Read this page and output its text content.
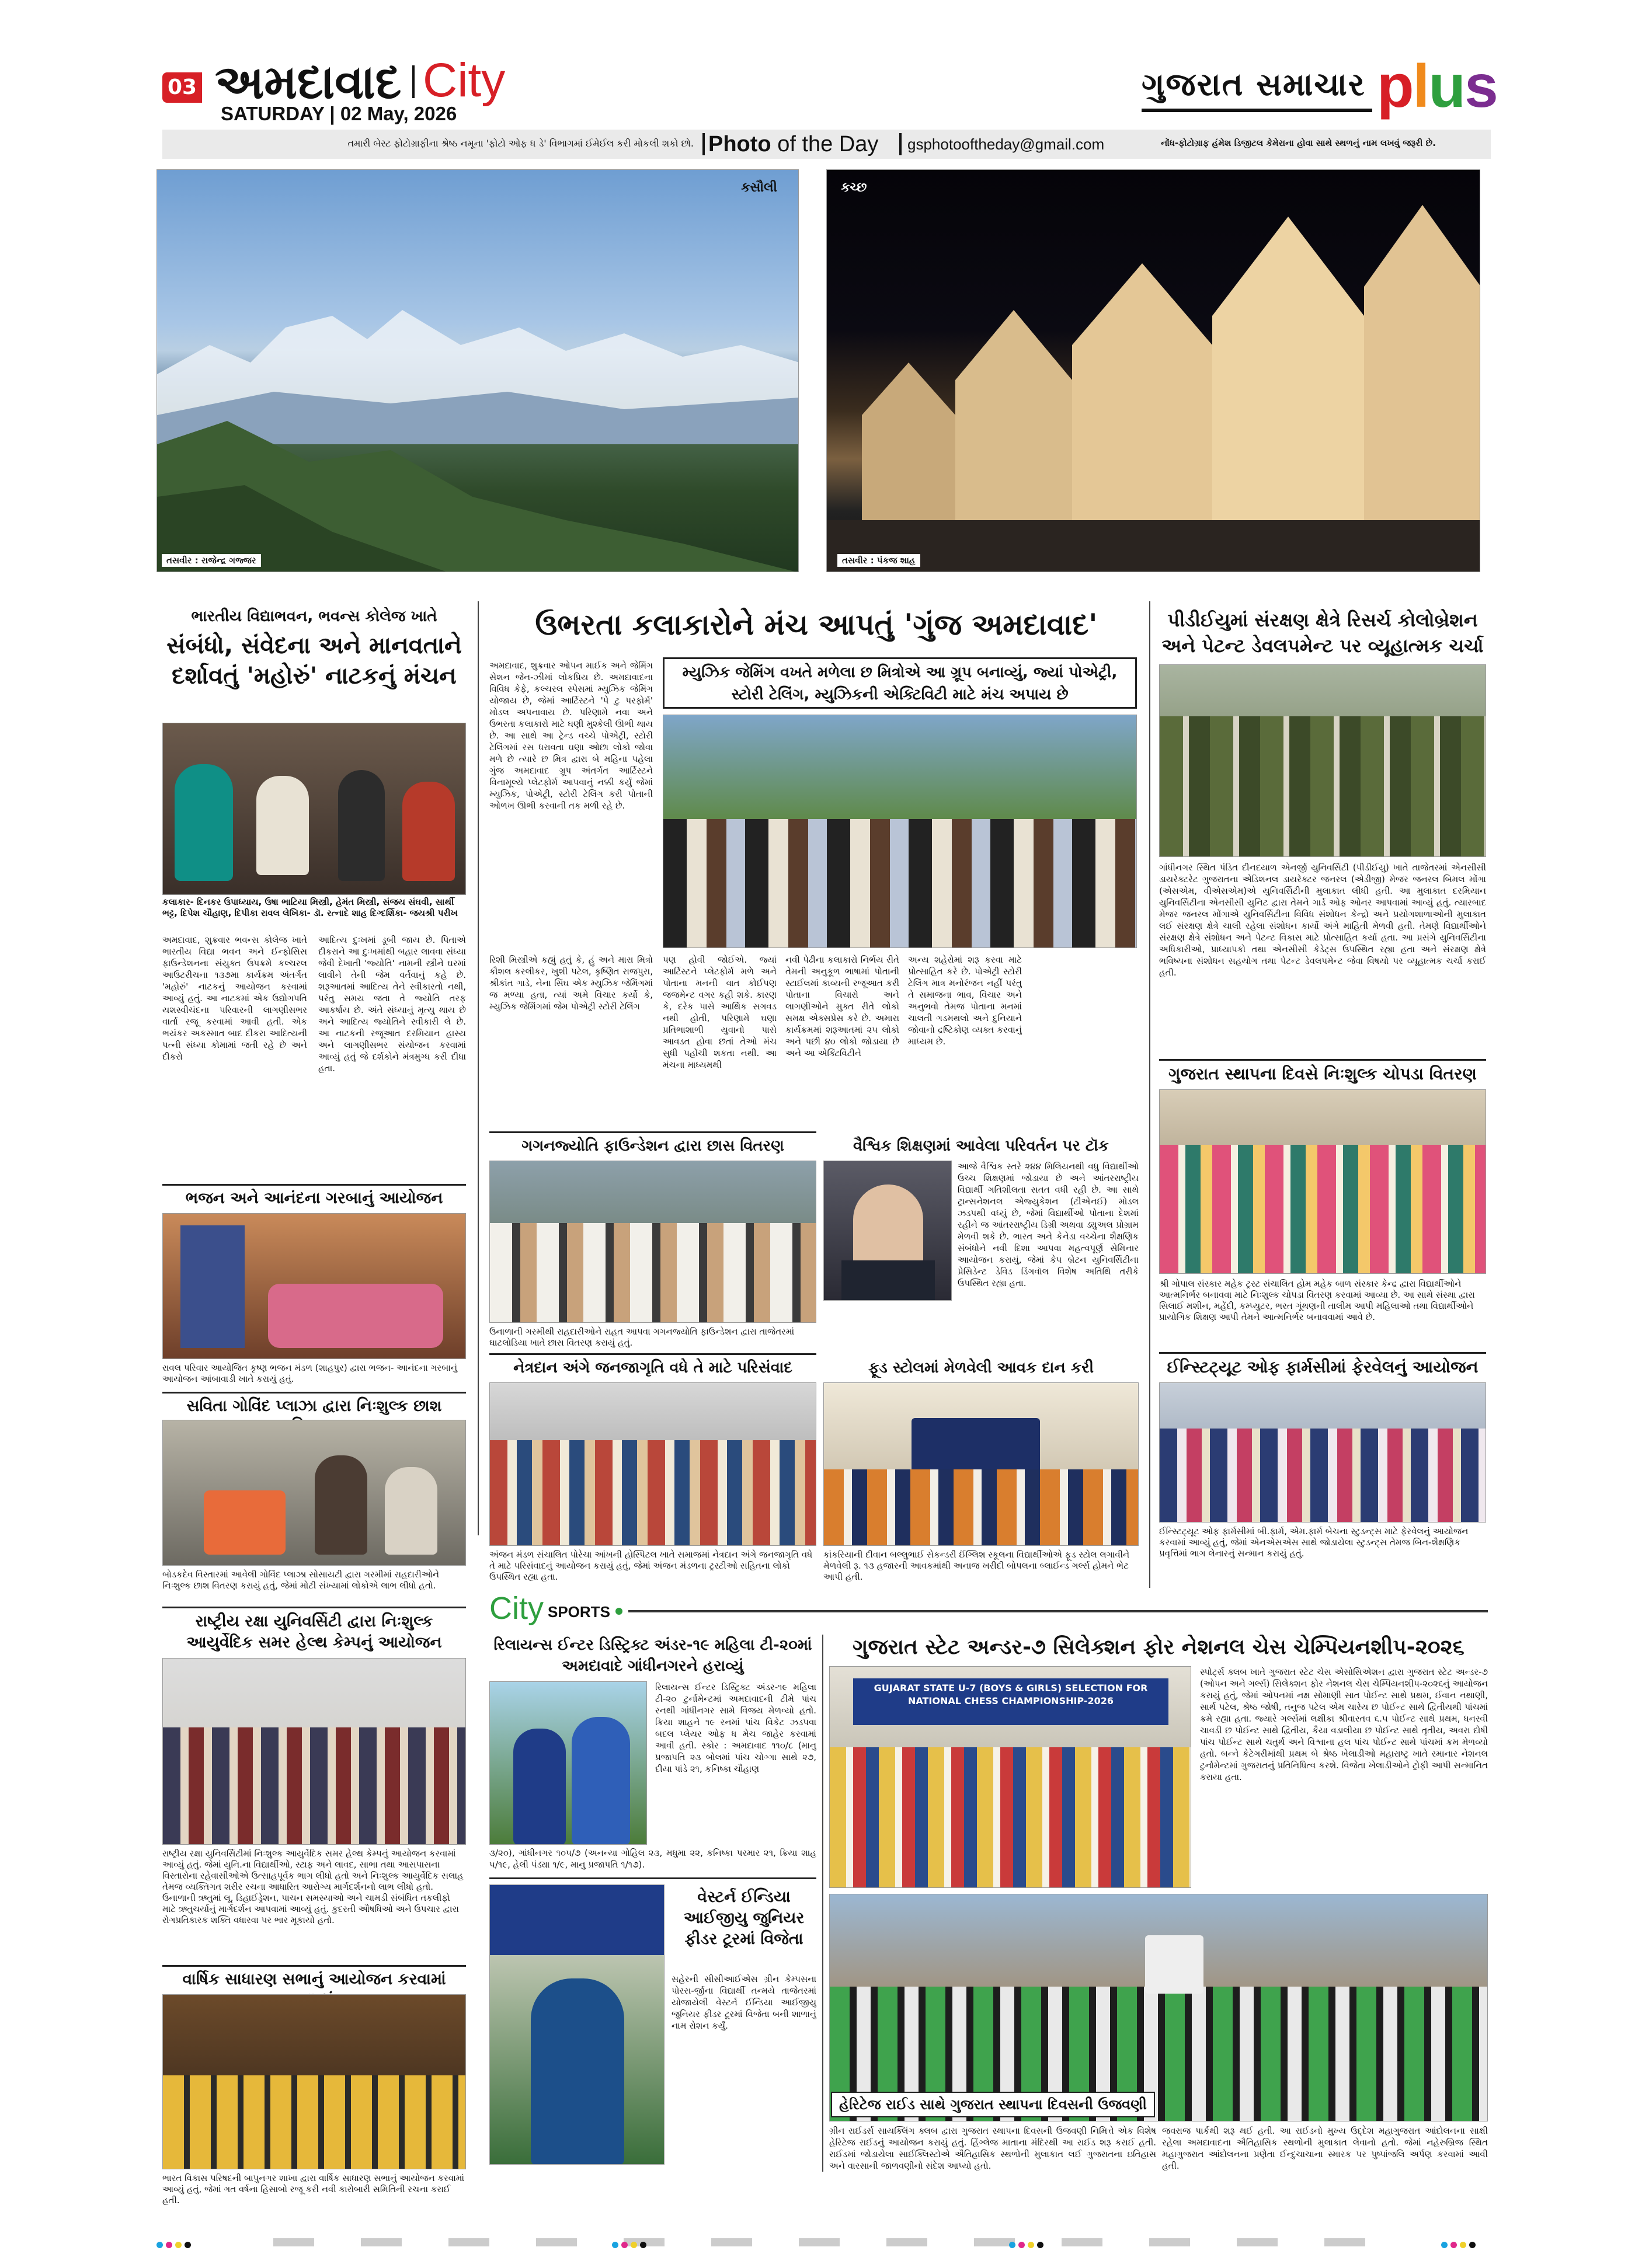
03 અમદાવાદ City
SATURDAY | 02 May, 2026
ગુજરાત સમાચાર plus
તમારી બેસ્ટ ફોટોગ્રાફીના શ્રેષ્ઠ નમૂના 'ફોટો ઓફ ધ ડે' વિભાગમાં ઈમેઈલ કરી મોકલી શકો છો. Photo of the Day gsphotooftheday@gmail.com	નોંધ-ફોટોગ્રાફ હંમેશ ડિજીટલ કેમેરાના હોવા સાથે સ્થળનું નામ લખવું જરૂરી છે.
કસૌલી
તસવીર : રાજેન્દ્ર ગજ્જર
કચ્છ
તસવીર : પંકજ શાહ
ભારતીય વિદ્યાભવન, ભવન્સ કોલેજ ખાતે
સંબંધો, સંવેદના અને માનવતાને દર્શાવતું 'મહોરું' નાટકનું મંચન
કલાકાર- દિનકર ઉપાધ્યાય, ઉષા ભાટિયા મિસ્ત્રી, હેમંત મિસ્ત્રી, સંજય સંઘવી, સાર્થી ભટ્ટ, દિપેશ ચૌહાણ, દિપીકા રાવલ લેખિકા- ડૉ. રત્નાદે શાહ દિગ્દર્શિકા- જયશ્રી પરીખ
અમદાવાદ, શુક્રવાર ભવન્સ કોલેજ ખાતે ભારતીય વિદ્યા ભવન અને ઈન્ફોસિસ ફાઉન્ડેશનના સંયુક્ત ઉપક્રમે કલ્ચરલ આઉટરીચના ૧૩૭મા કાર્યક્રમ અંતર્ગત 'મહોરું' નાટકનું આયોજન કરવામાં આવ્યું હતું. આ નાટકમાં એક ઉદ્યોગપતિ યશસ્વીચંદના પરિવારની લાગણીસભર વાર્તા રજૂ કરવામાં આવી હતી. એક ભયંકર અકસ્માત બાદ દીકરા આદિત્યની પત્ની સંધ્યા કોમામાં જતી રહે છે અને દીકરો
આદિત્ય દુઃખમાં ડૂબી જાય છે. પિતાએ દીકરાને આ દુઃખમાંથી બહાર લાવવા સંધ્યા જેવી દેખાતી 'જ્યોતિ' નામની સ્ત્રીને ઘરમાં લાવીને તેની જેમ વર્તવાનું કહે છે. શરૂઆતમાં આદિત્ય તેને સ્વીકારતો નથી, પરંતુ સમય જતા તે જ્યોતિ તરફ આકર્ષાય છે. અંતે સંધ્યાનું મૃત્યુ થાય છે અને આદિત્ય જ્યોતિને સ્વીકારી લે છે. આ નાટકની રજૂઆત દરમિયાન હાસ્ય અને લાગણીસભર સંયોજન કરવામાં આવ્યું હતું જે દર્શકોને મંત્રમુગ્ધ કરી દીધા હતા.
ભજન અને આનંદના ગરબાનું આયોજન
રાવલ પરિવાર આયોજિત કૃષ્ણ ભજન મંડળ (શાહપુર) દ્વારા ભજન- આનંદના ગરબાનું આયોજન આંબાવાડી ખાતે કરાયું હતું.
સવિતા ગોવિંદ પ્લાઝા દ્વારા નિઃશુલ્ક છાશ
બોડકદેવ વિસ્તારમાં આવેલી ગોવિંદ પ્લાઝા સોસાયટી દ્વારા ગરમીમાં રાહદારીઓને નિઃશુલ્ક છાશ વિતરણ કરાયું હતું, જેમાં મોટી સંખ્યામાં લોકોએ લાભ લીધો હતો.
રાષ્ટ્રીય રક્ષા યુનિવર્સિટી દ્વારા નિઃશુલ્ક આયુર્વેદિક સમર હેલ્થ કેમ્પનું આયોજન
રાષ્ટ્રીય રક્ષા યુનિવર્સિટીમાં નિઃશુલ્ક આયુર્વેદિક સમર હેલ્થ કેમ્પનું આયોજન કરવામાં આવ્યું હતું. જેમાં યુનિ.ના વિદ્યાર્થીઓ, સ્ટાફ અને લાવદ, સાભા તથા આસપાસના વિસ્તારોના રહેવાસીઓએ ઉત્સાહપૂર્વક ભાગ લીધો હતો અને નિઃશુલ્ક આયુર્વેદિક સલાહ તેમજ વ્યક્તિગત શરીર રચના આધારિત આરોગ્ય માર્ગદર્શનનો લાભ લીધો હતો. ઉનાળાની ઋતુમાં લૂ, ડિહાઈડ્રેશન, પાચન સમસ્યાઓ અને ચામડી સંબંધિત તકલીફો માટે ઋતુચર્યાનું માર્ગદર્શન આપવામાં આવ્યું હતું. કુદરતી ઔષધિઓ અને ઉપચાર દ્વારા રોગપ્રતિકારક શક્તિ વધારવા પર ભાર મૂકાયો હતો.
વાર્ષિક સાધારણ સભાનું આયોજન કરવામાં
ભારત વિકાસ પરિષદની બાપુનગર શાખા દ્વારા વાર્ષિક સાધારણ સભાનું આયોજન કરવામાં આવ્યું હતું, જેમાં ગત વર્ષના હિસાબો રજૂ કરી નવી કારોબારી સમિતિની રચના કરાઈ હતી.
ઉભરતા કલાકારોને મંચ આપતું 'ગુંજ અમદાવાદ'
અમદાવાદ, શુક્રવાર ઓપન માઈક અને જેમિંગ સેશન જેન-ઝીમાં લોકપ્રિય છે. અમદાવાદના વિવિધ કેફે, કલ્ચરલ સ્પેસમાં મ્યુઝિક જેમિંગ યોજાય છે, જેમાં આર્ટિસ્ટને 'પે ટુ પરફોર્મ' મોડલ અપનાવાય છે. પરિણામે નવા અને ઉભરતા કલાકારો માટે ઘણી મુશ્કેલી ઊભી થાય છે. આ સાથે આ ટ્રેન્ડ વચ્ચે પોએટ્રી, સ્ટોરી ટેલિંગમાં રસ ધરાવતા ઘણા ઓછા લોકો જોવા મળે છે ત્યારે છ મિત્ર દ્વારા બે મહિના પહેલા ગુંજ અમદાવાદ ગ્રૂપ અંતર્ગત આર્ટિસ્ટને વિનામૂલ્યે પ્લેટફોર્મ આપવાનું નક્કી કર્યું જેમાં મ્યુઝિક, પોએટ્રી, સ્ટોરી ટેલિંગ કરી પોતાની ઓળખ ઊભી કરવાની તક મળી રહે છે.
મ્યુઝિક જેમિંગ વખતે મળેલા છ મિત્રોએ આ ગ્રૂપ બનાવ્યું, જ્યાં પોએટ્રી, સ્ટોરી ટેલિંગ, મ્યુઝિકની એક્ટિવિટી માટે મંચ અપાય છે
પણ હોવી જોઈએ. જ્યાં આર્ટિસ્ટને પ્લેટફોર્મ મળે અને પોતાના મનની વાત કોઈપણ જજમેન્ટ વગર કહી શકે. કારણ કે, દરેક પાસે આર્થિક સગવડ નથી હોતી, પરિણામે ઘણા પ્રતિભાશાળી યુવાનો પાસે આવડત હોવા છતાં તેઓ મંચ સુધી પહોંચી શકતા નથી. આ મંચના માધ્યમથી
રિશી મિસ્ત્રીએ કહ્યું હતું કે, હું અને મારા મિત્રો કૌશલ કરલીકર, ખુશી પટેલ, કૃષ્ણિત રાજપુરા, શ્રીકાંત ગાડે, નેના સિંઘ એક મ્યુઝિક જેમિંગમાં જ મળ્યા હતા, ત્યાં અમે વિચાર કર્યો કે, મ્યુઝિક જેમિંગમાં જેમ પોએટ્રી સ્ટોરી ટેલિંગ
નવી પેઢીના કલાકારો નિર્ભય રીતે તેમની અનુકૂળ ભાષામાં પોતાની સ્ટાઈલમાં કાવ્યની રજૂઆત કરી પોતાના વિચારો અને લાગણીઓને મુક્ત રીતે લોકો સમક્ષ એક્સપ્રેસ કરે છે. અમારા કાર્યક્રમમાં શરૂઆતમાં ૨૫ લોકો અને પછી ૪૦ લોકો જોડાયા છે અને આ એક્ટિવિટીને
અન્ય શહેરોમાં શરૂ કરવા માટે પ્રોત્સાહિત કરે છે. પોએટ્રી સ્ટોરી ટેલિંગ માત્ર મનોરંજન નહીં પરંતુ તે સમાજના ભાવ, વિચાર અને અનુભવો તેમજ પોતાના મનમાં ચાલતી ગડમથલો અને દુનિયાને જોવાનો દ્રષ્ટિકોણ વ્યક્ત કરવાનું માધ્યમ છે.
ગગનજ્યોતિ ફાઉન્ડેશન દ્વારા છાસ વિતરણ
ઉનાળાની ગરમીથી રાહદારીઓને રાહત આપવા ગગનજ્યોતિ ફાઉન્ડેશન દ્વારા તાજેતરમાં ઘાટલોડિયા ખાતે છાસ વિતરણ કરાયું હતું.
વૈશ્વિક શિક્ષણમાં આવેલા પરિવર્તન પર ટૉક
આજે વૈશ્વિક સ્તરે ૨૪૪ મિલિયનથી વધુ વિદ્યાર્થીઓ ઉચ્ચ શિક્ષણમાં જોડાયા છે અને આંતરરાષ્ટ્રીય વિદ્યાર્થી ગતિશીલતા સતત વધી રહી છે. આ સાથે ટ્રાન્સનેશનલ એજ્યુકેશન (ટીએનઈ) મોડલ ઝડપથી વધ્યું છે, જેમાં વિદ્યાર્થીઓ પોતાના દેશમાં રહીને જ આંતરરાષ્ટ્રીય ડિગ્રી અથવા ડ્યુઅલ પ્રોગ્રામ મેળવી શકે છે. ભારત અને કેનેડા વચ્ચેના શૈક્ષણિક સંબંધોને નવી દિશા આપવા મહત્વપૂર્ણ સેમિનાર આયોજન કરાયું, જેમાં કેપ બ્રેટન યુનિવર્સિટીના પ્રેસિડેન્ટ ડેવિડ ડિંગવૉલ વિશેષ અતિથિ તરીકે ઉપસ્થિત રહ્યા હતા.
નેત્રદાન અંગે જનજાગૃતિ વધે તે માટે પરિસંવાદ
અંજન મંડળ સંચાલિત પોરેચા આંખની હોસ્પિટલ ખાતે સમાજમાં નેત્રદાન અંગે જનજાગૃતિ વધે તે માટે પરિસંવાદનું આયોજન કરાયું હતું, જેમાં અંજન મંડળના ટ્રસ્ટીઓ સહિતના લોકો ઉપસ્થિત રહ્યા હતા.
ફૂડ સ્ટોલમાં મેળવેલી આવક દાન કરી
કાંકરિયાની દીવાન બલ્લુભાઈ સેકન્ડરી ઈંગ્લિશ સ્કૂલના વિદ્યાર્થીઓએ ફૂડ સ્ટોલ લગાવીને મેળવેલી રૂ. ૧૩ હજારની આવકમાંથી અનાજ ખરીદી બોપલના બ્લાઈન્ડ ગર્લ્સ હોમને ભેટ આપી હતી.
પીડીઈયુમાં સંરક્ષણ ક્ષેત્રે રિસર્ચ કોલોબ્રેશન અને પેટન્ટ ડેવલપમેન્ટ પર વ્યૂહાત્મક ચર્ચા
ગાંધીનગર સ્થિત પંડિત દીનદયાળ એનર્જી યુનિવર્સિટી (પીડીઈયુ) ખાતે તાજેતરમાં એનસીસી ડાયરેક્ટરેટ ગુજરાતના એડિશનલ ડાયરેક્ટર જનરલ (એડીજી) મેજર જનરલ બિમલ મોંગા (એસએમ, વીએસએમ)એ યુનિવર્સિટીની મુલાકાત લીધી હતી. આ મુલાકાત દરમિયાન યુનિવર્સિટીના એનસીસી યુનિટ દ્વારા તેમને ગાર્ડ ઓફ ઓનર આપવામાં આવ્યું હતું. ત્યારબાદ મેજર જનરલ મોંગાએ યુનિવર્સિટીના વિવિધ સંશોધન કેન્દ્રો અને પ્રયોગશાળાઓની મુલાકાત લઈ સંરક્ષણ ક્ષેત્રે ચાલી રહેલા સંશોધન કાર્યો અંગે માહિતી મેળવી હતી. તેમણે વિદ્યાર્થીઓને સંરક્ષણ ક્ષેત્રે સંશોધન અને પેટન્ટ વિકાસ માટે પ્રોત્સાહિત કર્યા હતા. આ પ્રસંગે યુનિવર્સિટીના અધિકારીઓ, પ્રાધ્યાપકો તથા એનસીસી કેડેટ્સ ઉપસ્થિત રહ્યા હતા અને સંરક્ષણ ક્ષેત્રે ભવિષ્યના સંશોધન સહયોગ તથા પેટન્ટ ડેવલપમેન્ટ જેવા વિષયો પર વ્યૂહાત્મક ચર્ચા કરાઈ હતી.
ગુજરાત સ્થાપના દિવસે નિઃશુલ્ક ચોપડા વિતરણ
શ્રી ગોપાલ સંસ્કાર મહેક ટ્રસ્ટ સંચાલિત હોમ મહેક બાળ સંસ્કાર કેન્દ્ર દ્વારા વિદ્યાર્થીઓને આત્મનિર્ભર બનાવવા માટે નિઃશુલ્ક ચોપડા વિતરણ કરવામાં આવ્યા છે. આ સાથે સંસ્થા દ્વારા સિલાઈ મશીન, મહેંદી, કમ્પ્યુટર, ભરત ગૂંથણની તાલીમ આપી મહિલાઓ તથા વિદ્યાર્થીઓને પ્રાયોગિક શિક્ષણ આપી તેમને આત્મનિર્ભર બનાવવામાં આવે છે.
ઈન્સ્ટિટ્યૂટ ઓફ ફાર્મસીમાં ફેરવેલનું આયોજન
ઈન્સ્ટિટ્યૂટ ઓફ ફાર્મસીમાં બી.ફાર્મ, એમ.ફાર્મ બેચના સ્ટુડન્ટ્સ માટે ફેરવેલનું આયોજન કરવામાં આવ્યું હતું, જેમાં એનએસએસ સાથે જોડાયેલા સ્ટુડન્ટ્સ તેમજ બિન-શૈક્ષણિક પ્રવૃત્તિમાં ભાગ લેનારનું સન્માન કરાયું હતું.
City SPORTS
રિલાયન્સ ઈન્ટર ડિસ્ટ્રિક્ટ અંડર-૧૯ મહિલા ટી-૨૦માં અમદાવાદે ગાંધીનગરને હરાવ્યું
રિલાયન્સ ઈન્ટર ડિસ્ટ્રિક્ટ અંડર-૧૯ મહિલા ટી-૨૦ ટુર્નામેન્ટમાં અમદાવાદની ટીમે પાંચ રનથી ગાંધીનગર સામે વિજય મેળવ્યો હતો. ક્રિયા શાહને ૧૯ રનમાં પાંચ વિકેટ ઝડપવા બદલ પ્લેયર ઓફ ધ મેચ જાહેર કરવામાં આવી હતી. સ્કોર : અમદાવાદ ૧૧૦/૮ (માનુ પ્રજાપતિ ૨૩ બોલમાં પાંચ ચોગ્ગા સાથે ૨૭, દીયા પાંડે ૨૧, કનિષ્કા ચૌહાણ
૩/૨૦), ગાંધીનગર ૧૦૫/૭ (અનન્યા ગોહિલ ૨૩, મધુમા ૨૨, કનિષ્કા પરમાર ૨૧, ક્રિયા શાહ ૫/૧૯, હેલી પંડ્યા ૧/૯, માનુ પ્રજાપતિ ૧/૧૭).
વેસ્ટર્ન ઈન્ડિયા આઈજીયુ જુનિયર ફીડર ટૂરમાં વિજેતા
સહેરની સીસીઆઈએસ ગ્રીન કેમ્પસના પોરસ-ર્જીના વિદ્યાર્થી તન્મયે તાજેતરમાં યોજાયેલી વેસ્ટર્ન ઈન્ડિયા આઈજીયુ જુનિયર ફીડર ટૂરમાં વિજેતા બની શાળાનું નામ રોશન કર્યું.
ગુજરાત સ્ટેટ અન્ડર-૭ સિલેક્શન ફોર નેશનલ ચેસ ચેમ્પિયનશીપ-૨૦૨૬
GUJARAT STATE U-7 (BOYS & GIRLS) SELECTION FOR NATIONAL CHESS CHAMPIONSHIP-2026
સ્પોર્ટ્સ ક્લબ ખાતે ગુજરાત સ્ટેટ ચેસ એસોસિએશન દ્વારા ગુજરાત સ્ટેટ અન્ડર-૭ (ઓપન અને ગર્લ્સ) સિલેક્શન ફોર નેશનલ ચેસ ચેમ્પિયનશીપ-૨૦૨૬નું આયોજન કરાયું હતું, જેમાં ઓપનમાં નક્ષ સોમાણી સાત પોઈન્ટ સાથે પ્રથમ, ઈવાન નથાણી, સાર્થ પટેલ, શ્રેષ્ઠ જોષી, તનુજ પટેલ એમ ચારેય છ પોઈન્ટ સાથે દ્વિતીયથી પાંચમાં ક્રમે રહ્યા હતા. જ્યારે ગર્લ્સમાં લક્ષીકા શ્રીવાસ્તવ ૬.૫ પોઈન્ટ સાથે પ્રથમ, ધનસ્વી ચાવડી છ પોઈન્ટ સાથે દ્વિતીય, કૈયા વડાલીયા છ પોઈન્ટ સાથે તૃતીય, અવરા દોષી પાંચ પોઈન્ટ સાથે ચતુર્થ અને વિશ્વાના હલ પાંચ પોઈન્ટ સાથે પાંચમાં ક્રમ મેળવ્યો હતો. બન્ને કેટેગરીમાંથી પ્રથમ બે શ્રેષ્ઠ ખેલાડીઓ મહારાષ્ટ્ર ખાતે રમાનાર નેશનલ ટુર્નામેન્ટમાં ગુજરાતનું પ્રતિનિધિત્વ કરશે. વિજેતા ખેલાડીઓને ટ્રોફી આપી સન્માનિત કરાયા હતા.
હેરિટેજ રાઈડ સાથે ગુજરાત સ્થાપના દિવસની ઉજવણી
ગ્રીન રાઈડર્સ સાયક્લિંગ ક્લબ દ્વારા ગુજરાત સ્થાપના દિવસની ઉજવણી નિમિત્તે એક વિશેષ હેરિટેજ રાઈડનું આયોજન કરાયું હતું. હિંગ્લેજ માતાના મંદિરથી આ રાઈડ શરૂ કરાઈ હતી. રાઈડમાં જોડાયેલા સાઈક્લિસ્ટોએ ઐતિહાસિક સ્થળોની મુલાકાત લઈ ગુજરાતના ઇતિહાસ અને વારસાની જાળવણીનો સંદેશ આપ્યો હતો.
જવરાજ પાર્કથી શરૂ થઈ હતી. આ રાઈડનો મુખ્ય ઉદ્દેશ મહાગુજરાત આંદોલનના સાક્ષી રહેલા અમદાવાદના ઐતિહાસિક સ્થળોની મુલાકાત લેવાનો હતો. જેમાં નહેરુબ્રિજ સ્થિત મહાગુજરાત આંદોલનના પ્રણેતા ઈન્દુચાચાના સ્મારક પર પુષ્પાંજલિ અર્પણ કરવામાં આવી હતી.
